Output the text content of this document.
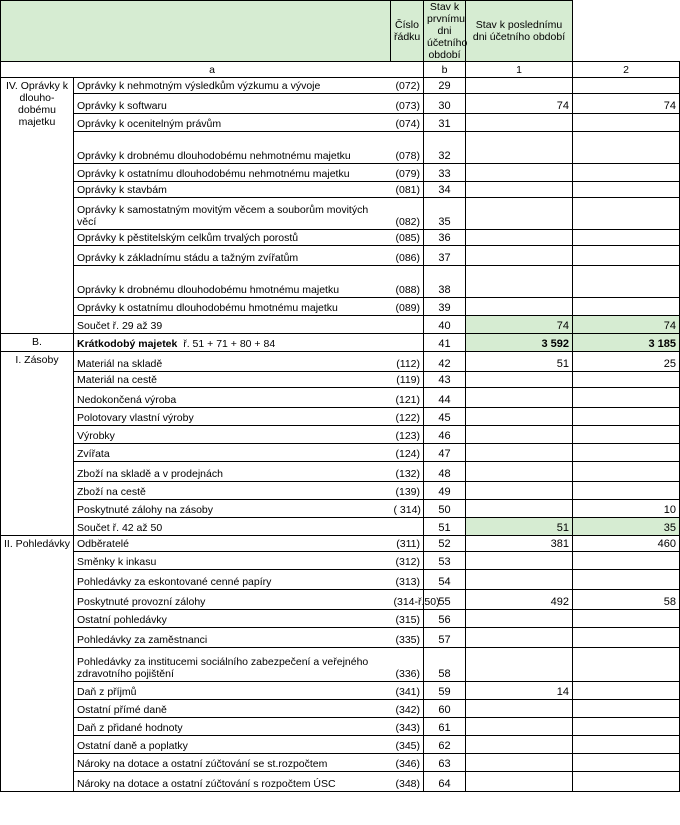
		Číslo řádku	Stav k prvnímu dni účetního období	Stav k poslednímu dni účetního období	
a			b	1	2
IV. Oprávky k dlouho-dobému majetku	Oprávky k nehmotným výsledkům výzkumu a vývoje	(072)	29		
	Oprávky k softwaru	(073)	30	74	74
	Oprávky k ocenitelným právům	(074)	31		
	Oprávky k drobnému dlouhodobému nehmotnému majetku	(078)	32		
	Oprávky k ostatnímu dlouhodobému nehmotnému majetku	(079)	33		
	Oprávky k stavbám	(081)	34		
	Oprávky k samostatným movitým věcem a souborům movitých věcí	(082)	35		
	Oprávky k pěstitelským celkům trvalých porostů	(085)	36		
	Oprávky k základnímu stádu a tažným zvířatům	(086)	37		
	Oprávky k drobnému dlouhodobému hmotnému majetku	(088)	38		
	Oprávky k ostatnímu dlouhodobému hmotnému majetku	(089)	39		
	Součet ř. 29 až 39		40	74	74
B.	Krátkodobý majetek ř. 51 + 71 + 80 + 84		41	3 592	3 185
I. Zásoby	Materiál na skladě	(112)	42	51	25
	Materiál na cestě	(119)	43		
	Nedokončená výroba	(121)	44		
	Polotovary vlastní výroby	(122)	45		
	Výrobky	(123)	46		
	Zvířata	(124)	47		
	Zboží na skladě a v prodejnách	(132)	48		
	Zboží na cestě	(139)	49		
	Poskytnuté zálohy na zásoby	( 314)	50		10
	Součet ř. 42 až 50		51	51	35
II. Pohledávky	Odběratelé	(311)	52	381	460
	Směnky k inkasu	(312)	53		
	Pohledávky za eskontované cenné papíry	(313)	54		
	Poskytnuté provozní zálohy	(314-ř.50)	55	492	58
	Ostatní pohledávky	(315)	56		
	Pohledávky za zaměstnanci	(335)	57		
	Pohledávky za institucemi sociálního zabezpečení a veřejného zdravotního pojištění	(336)	58		
	Daň z příjmů	(341)	59	14	
	Ostatní přímé daně	(342)	60		
	Daň z přidané hodnoty	(343)	61		
	Ostatní daně a poplatky	(345)	62		
	Nároky na dotace a ostatní zúčtování se st.rozpočtem	(346)	63		
	Nároky na dotace a ostatní zúčtování s rozpočtem ÚSC	(348)	64		
